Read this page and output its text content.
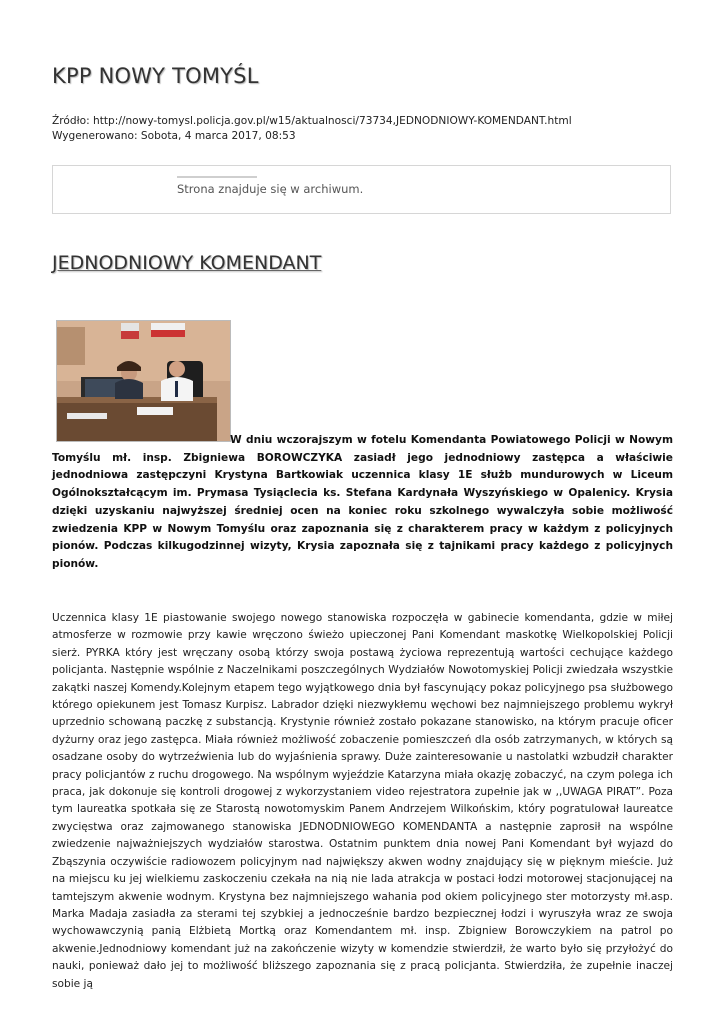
KPP NOWY TOMYŚL
Źródło: http://nowy-tomysl.policja.gov.pl/w15/aktualnosci/73734,JEDNODNIOWY-KOMENDANT.html
Wygenerowano: Sobota, 4 marca 2017, 08:53
Strona znajduje się w archiwum.
JEDNODNIOWY KOMENDANT

W dniu wczorajszym w fotelu Komendanta Powiatowego Policji w Nowym Tomyślu mł. insp. Zbigniewa BOROWCZYKA zasiadł jego jednodniowy zastępca a właściwie jednodniowa zastępczyni Krystyna Bartkowiak uczennica klasy 1E służb mundurowych w Liceum Ogólnokształcącym im. Prymasa Tysiąclecia ks. Stefana Kardynała Wyszyńskiego w Opalenicy. Krysia dzięki uzyskaniu najwyższej średniej ocen na koniec roku szkolnego wywalczyła sobie możliwość zwiedzenia KPP w Nowym Tomyślu oraz zapoznania się z charakterem pracy w każdym z policyjnych pionów. Podczas kilkugodzinnej wizyty, Krysia zapoznała się z tajnikami pracy każdego z policyjnych pionów.

Uczennica klasy 1E piastowanie swojego nowego stanowiska rozpoczęła w gabinecie komendanta, gdzie w miłej atmosferze w rozmowie przy kawie wręczono świeżo upieczonej Pani Komendant maskotkę Wielkopolskiej Policji sierż. PYRKA który jest wręczany osobą którzy swoja postawą życiowa reprezentują wartości cechujące każdego policjanta. Następnie wspólnie z Naczelnikami poszczególnych Wydziałów Nowotomyskiej Policji zwiedzała wszystkie zakątki naszej Komendy.Kolejnym etapem tego wyjątkowego dnia był fascynujący pokaz policyjnego psa służbowego którego opiekunem jest Tomasz Kurpisz. Labrador dzięki niezwykłemu węchowi bez najmniejszego problemu wykrył uprzednio schowaną paczkę z substancją. Krystynie również zostało pokazane stanowisko, na którym pracuje oficer dyżurny oraz jego zastępca. Miała również możliwość zobaczenie pomieszczeń dla osób zatrzymanych, w których są osadzane osoby do wytrzeźwienia lub do wyjaśnienia sprawy. Duże zainteresowanie u nastolatki wzbudził charakter pracy policjantów z ruchu drogowego. Na wspólnym wyjeździe Katarzyna miała okazję zobaczyć, na czym polega ich praca, jak dokonuje się kontroli drogowej z wykorzystaniem video rejestratora zupełnie jak w ,,UWAGA PIRAT”. Poza tym laureatka spotkała się ze Starostą nowotomyskim Panem Andrzejem Wilkońskim, który pogratulował laureatce zwycięstwa oraz zajmowanego stanowiska JEDNODNIOWEGO KOMENDANTA a następnie zaprosił na wspólne zwiedzenie najważniejszych wydziałów starostwa. Ostatnim punktem dnia nowej Pani Komendant był wyjazd do Zbąszynia oczywiście radiowozem policyjnym nad największy akwen wodny znajdujący się w pięknym mieście. Już na miejscu ku jej wielkiemu zaskoczeniu czekała na nią nie lada atrakcja w postaci łodzi motorowej stacjonującej na tamtejszym akwenie wodnym. Krystyna bez najmniejszego wahania pod okiem policyjnego ster motorzysty mł.asp. Marka Madaja zasiadła za sterami tej szybkiej a jednocześnie bardzo bezpiecznej łodzi i wyruszyła wraz ze swoja wychowawczynią panią Elżbietą Mortką oraz Komendantem mł. insp. Zbigniew Borowczykiem na patrol po akwenie.Jednodniowy komendant już na zakończenie wizyty w komendzie stwierdził, że warto było się przyłożyć do nauki, ponieważ dało jej to możliwość bliższego zapoznania się z pracą policjanta. Stwierdziła, że zupełnie inaczej sobie ją
